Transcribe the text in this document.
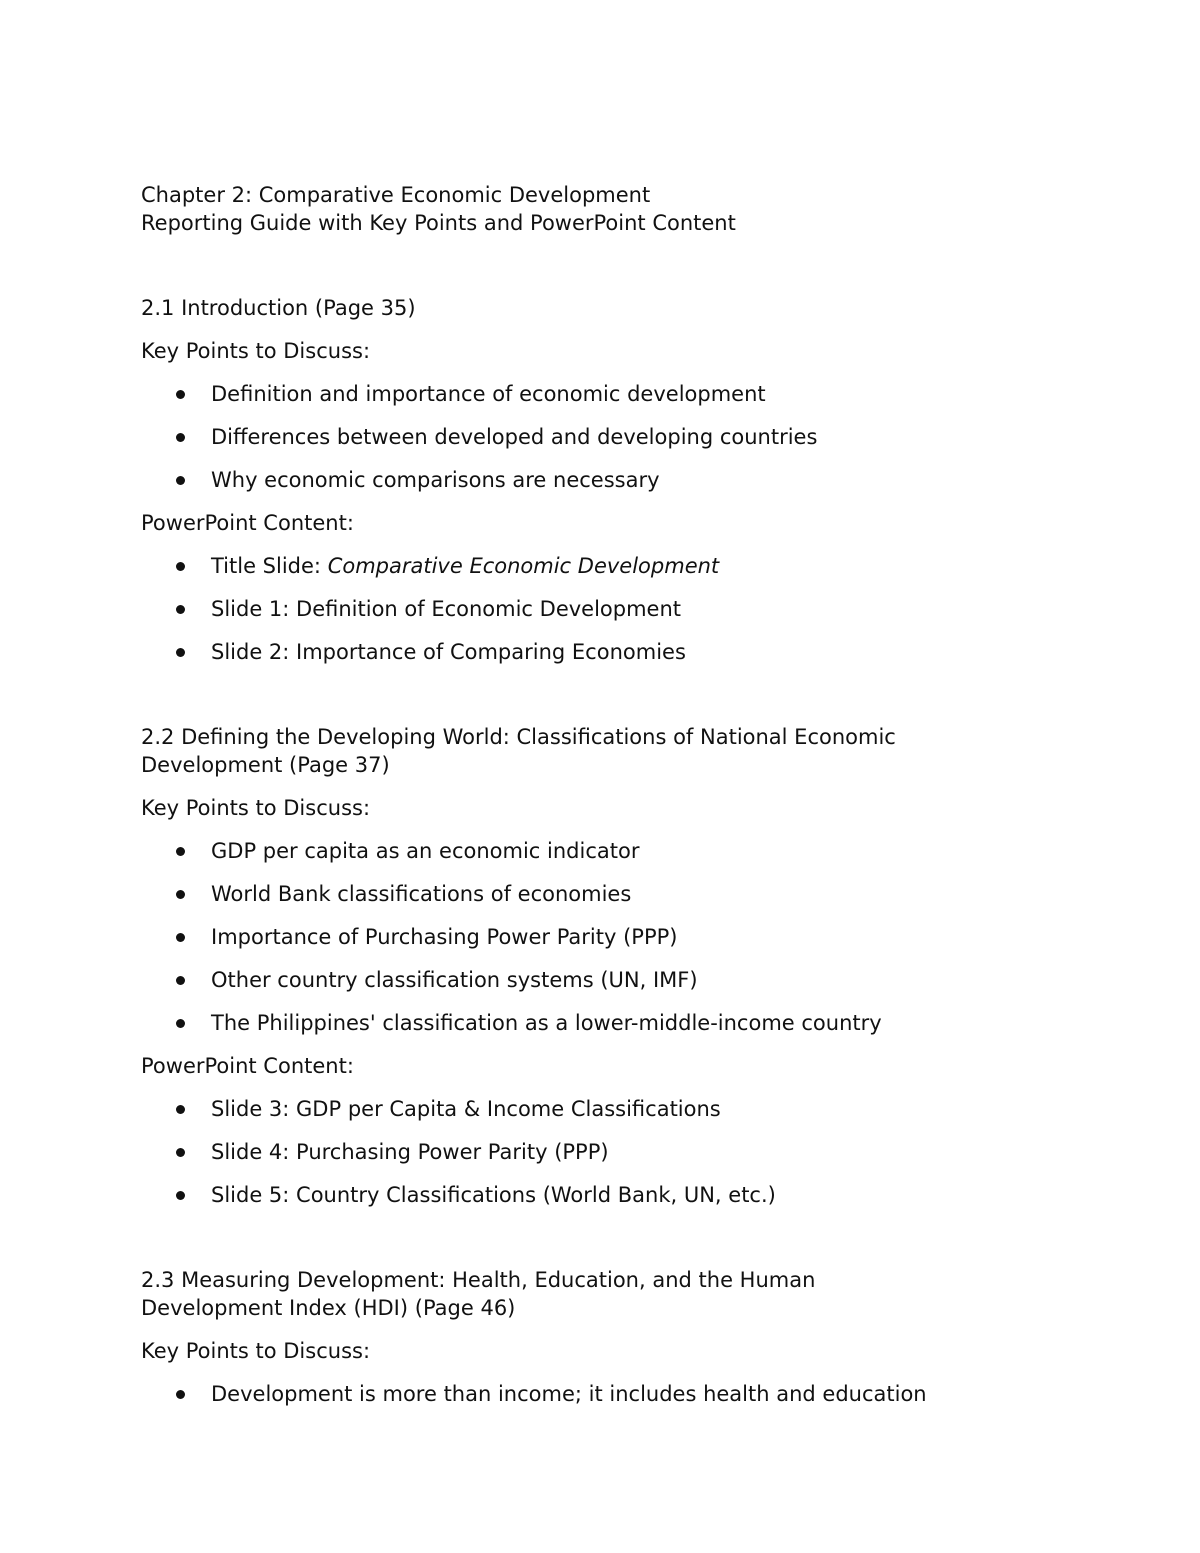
Chapter 2: Comparative Economic Development
Reporting Guide with Key Points and PowerPoint Content
2.1 Introduction (Page 35)
Key Points to Discuss:
Definition and importance of economic development
Differences between developed and developing countries
Why economic comparisons are necessary
PowerPoint Content:
Title Slide: Comparative Economic Development
Slide 1: Definition of Economic Development
Slide 2: Importance of Comparing Economies
2.2 Defining the Developing World: Classifications of National Economic
Development (Page 37)
Key Points to Discuss:
GDP per capita as an economic indicator
World Bank classifications of economies
Importance of Purchasing Power Parity (PPP)
Other country classification systems (UN, IMF)
The Philippines' classification as a lower-middle-income country
PowerPoint Content:
Slide 3: GDP per Capita & Income Classifications
Slide 4: Purchasing Power Parity (PPP)
Slide 5: Country Classifications (World Bank, UN, etc.)
2.3 Measuring Development: Health, Education, and the Human
Development Index (HDI) (Page 46)
Key Points to Discuss:
Development is more than income; it includes health and education
